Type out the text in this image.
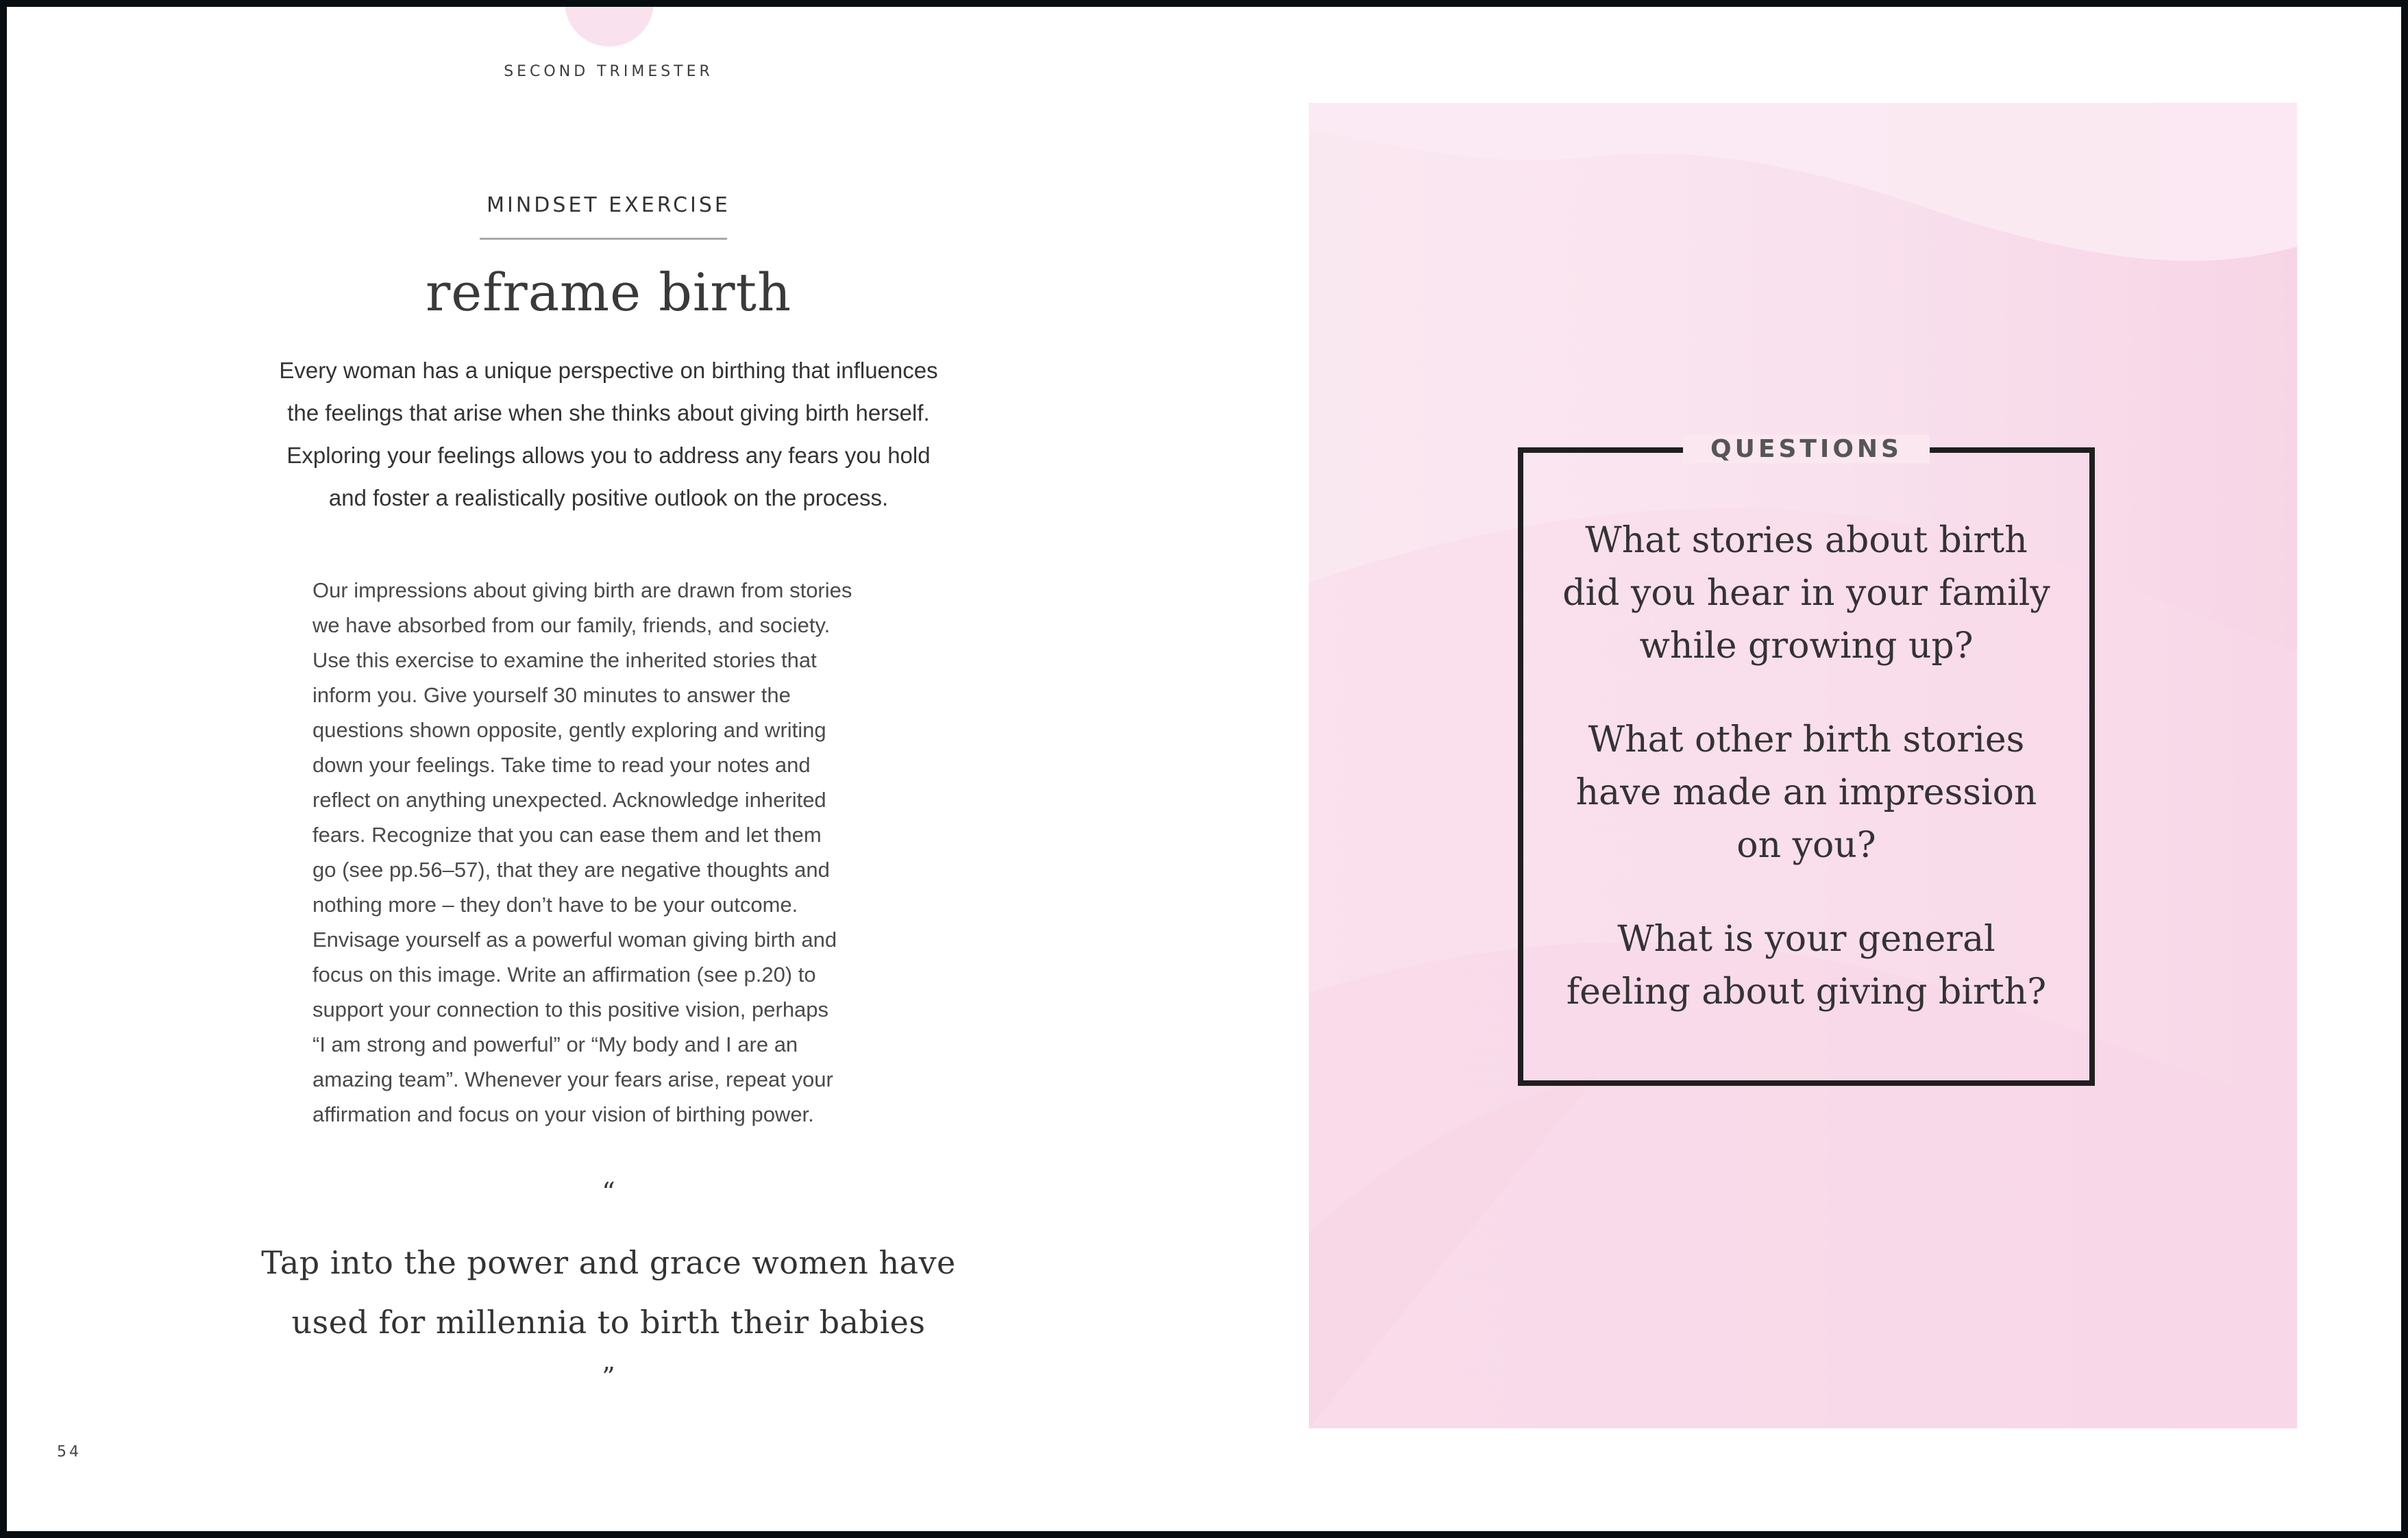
SECOND TRIMESTER
MINDSET EXERCISE
reframe birth
Every woman has a unique perspective on birthing that influences
the feelings that arise when she thinks about giving birth herself.
Exploring your feelings allows you to address any fears you hold
and foster a realistically positive outlook on the process.
Our impressions about giving birth are drawn from stories
we have absorbed from our family, friends, and society.
Use this exercise to examine the inherited stories that
inform you. Give yourself 30 minutes to answer the
questions shown opposite, gently exploring and writing
down your feelings. Take time to read your notes and
reflect on anything unexpected. Acknowledge inherited
fears. Recognize that you can ease them and let them
go (see pp.56–57), that they are negative thoughts and
nothing more – they don’t have to be your outcome.
Envisage yourself as a powerful woman giving birth and
focus on this image. Write an affirmation (see p.20) to
support your connection to this positive vision, perhaps
“I am strong and powerful” or “My body and I are an
amazing team”. Whenever your fears arise, repeat your
affirmation and focus on your vision of birthing power.
“
Tap into the power and grace women have
used for millennia to birth their babies
”
54
QUESTIONS
What stories about birth
did you hear in your family
while growing up?
What other birth stories
have made an impression
on you?
What is your general
feeling about giving birth?
